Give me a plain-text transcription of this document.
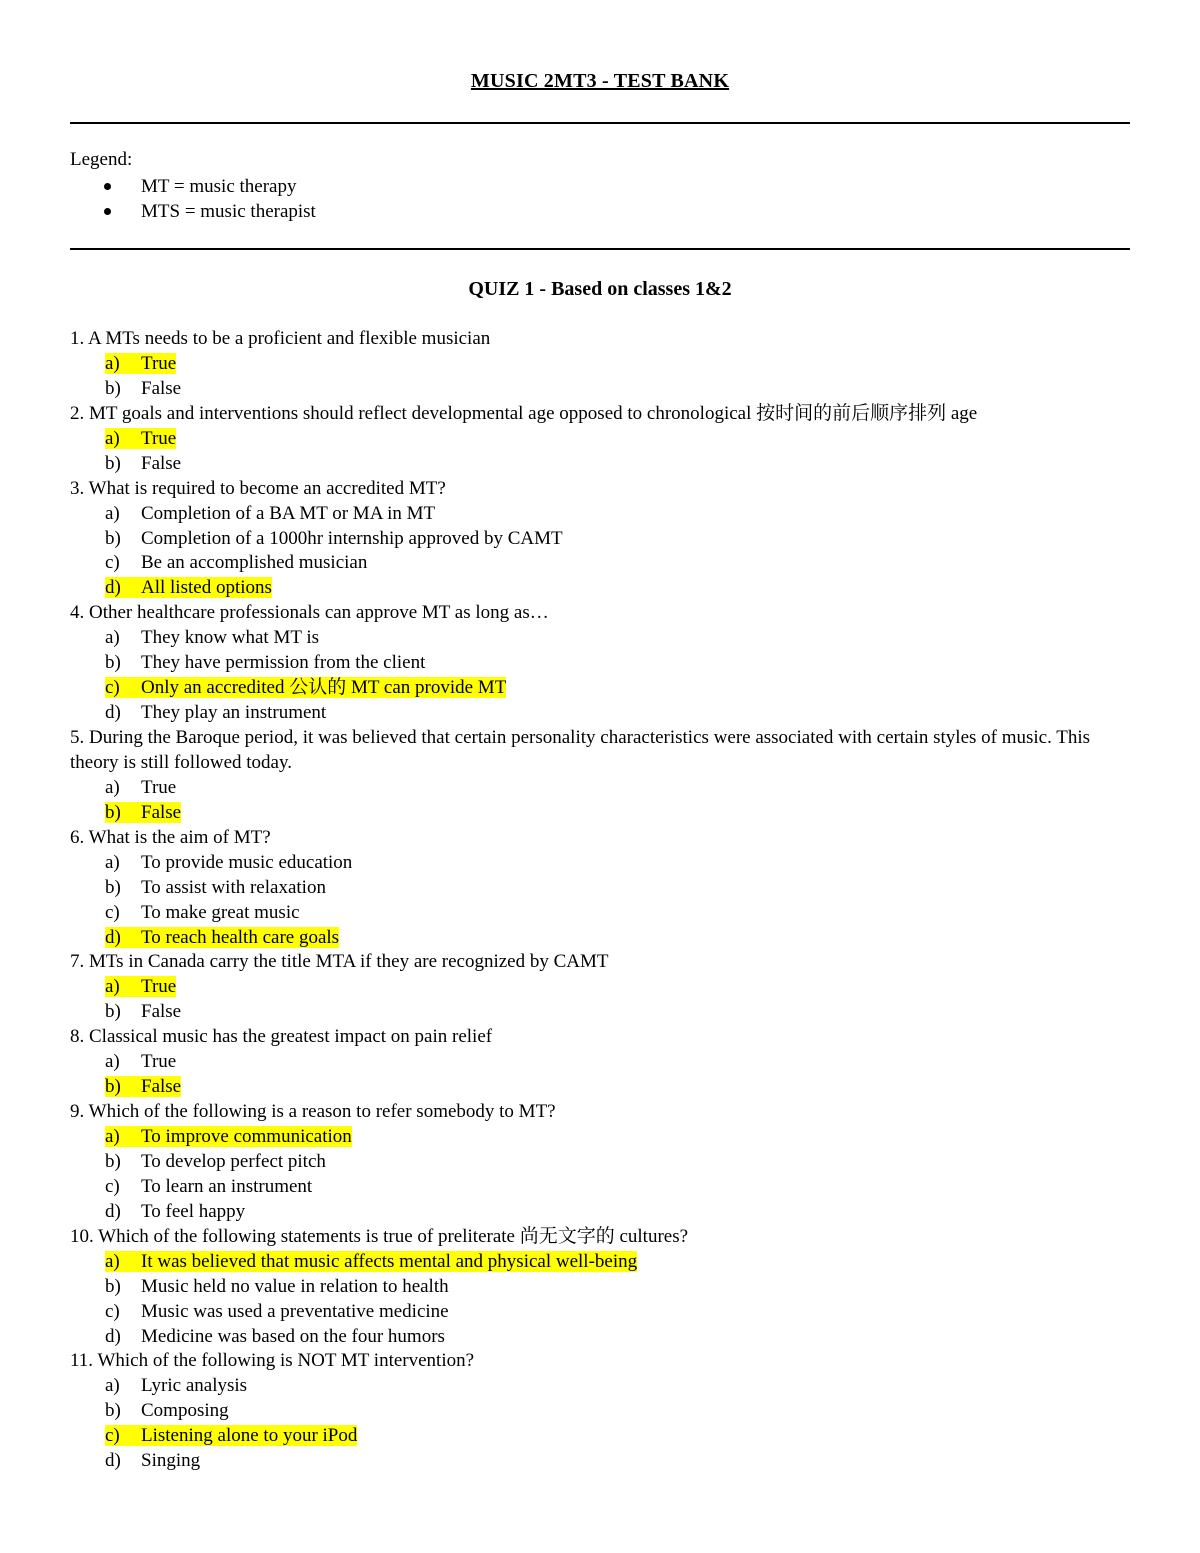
MUSIC 2MT3 - TEST BANK
Legend:
MT = music therapy
MTS = music therapist
QUIZ 1 - Based on classes 1&2
1. A MTs needs to be a proficient and flexible musician
a) True
b) False
2. MT goals and interventions should reflect developmental age opposed to chronological 按时间的前后顺序排列 age
a) True
b) False
3. What is required to become an accredited MT?
a) Completion of a BA MT or MA in MT
b) Completion of a 1000hr internship approved by CAMT
c) Be an accomplished musician
d) All listed options
4. Other healthcare professionals can approve MT as long as…
a) They know what MT is
b) They have permission from the client
c) Only an accredited 公认的 MT can provide MT
d) They play an instrument
5. During the Baroque period, it was believed that certain personality characteristics were associated with certain styles of music. This theory is still followed today.
a) True
b) False
6. What is the aim of MT?
a) To provide music education
b) To assist with relaxation
c) To make great music
d) To reach health care goals
7. MTs in Canada carry the title MTA if they are recognized by CAMT
a) True
b) False
8. Classical music has the greatest impact on pain relief
a) True
b) False
9. Which of the following is a reason to refer somebody to MT?
a) To improve communication
b) To develop perfect pitch
c) To learn an instrument
d) To feel happy
10. Which of the following statements is true of preliterate 尚无文字的 cultures?
a) It was believed that music affects mental and physical well-being
b) Music held no value in relation to health
c) Music was used a preventative medicine
d) Medicine was based on the four humors
11. Which of the following is NOT MT intervention?
a) Lyric analysis
b) Composing
c) Listening alone to your iPod
d) Singing
